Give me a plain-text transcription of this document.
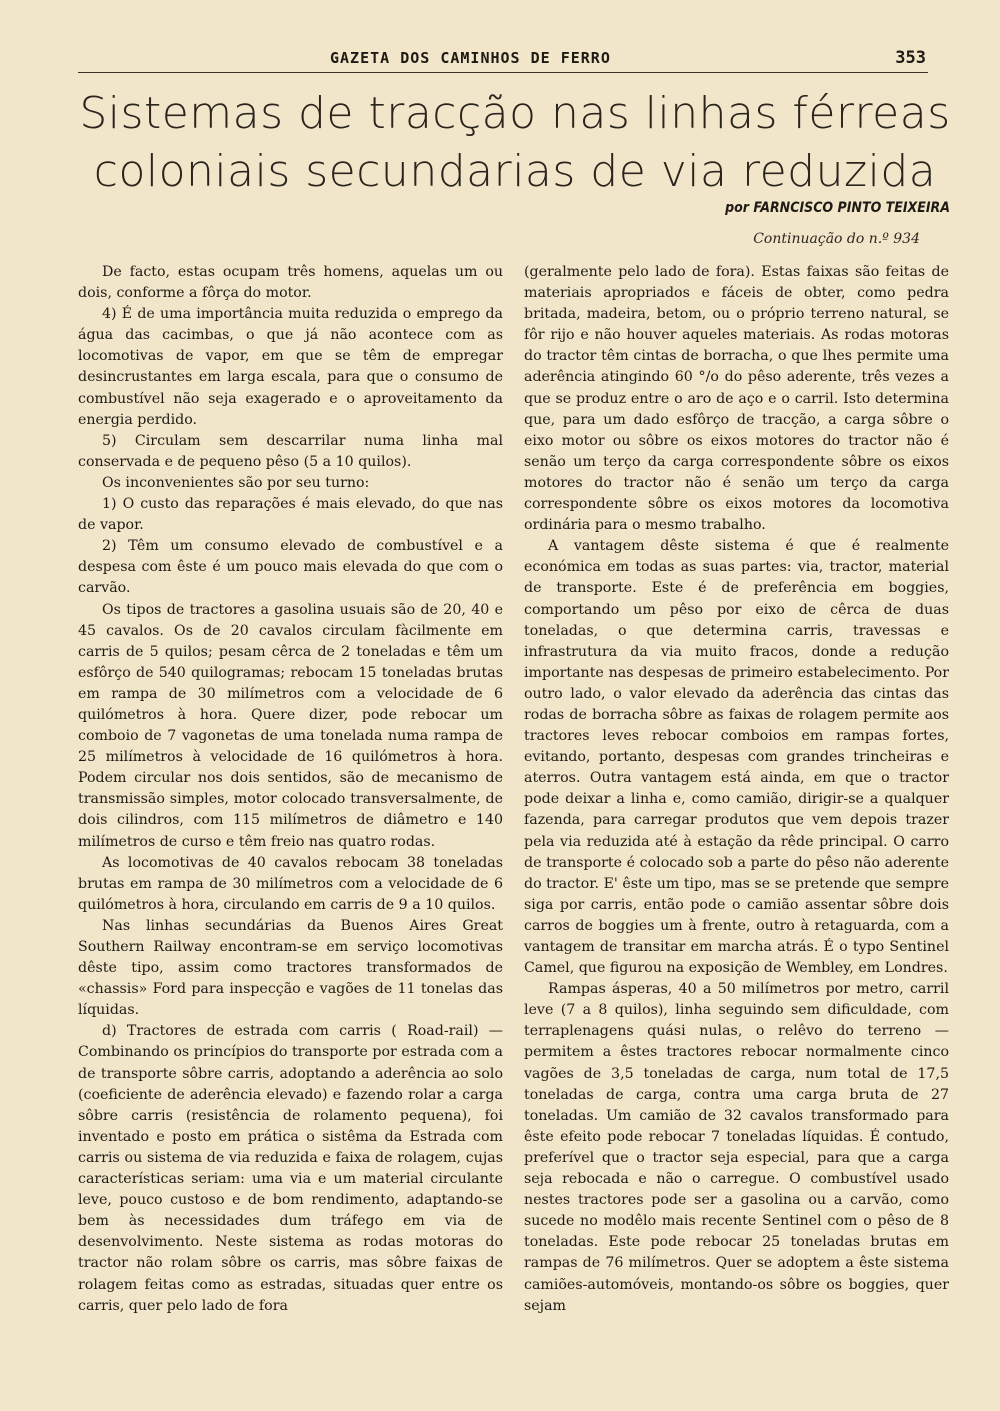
GAZETA DOS CAMINHOS DE FERRO	353
Sistemas de tracção nas linhas férreas
coloniais secundarias de via reduzida
por FARNCISCO PINTO TEIXEIRA
Continuação do n.º 934

De facto, estas ocupam três homens, aquelas um ou dois, conforme a fôrça do motor.

4) É de uma importância muita reduzida o emprego da água das cacimbas, o que já não acontece com as locomotivas de vapor, em que se têm de empregar desincrustantes em larga escala, para que o consumo de combustível não seja exagerado e o aproveitamento da energia perdido.

5) Circulam sem descarrilar numa linha mal conservada e de pequeno pêso (5 a 10 quilos).

Os inconvenientes são por seu turno:

1) O custo das reparações é mais elevado, do que nas de vapor.

2) Têm um consumo elevado de combustível e a despesa com êste é um pouco mais elevada do que com o carvão.

Os tipos de tractores a gasolina usuais são de 20, 40 e 45 cavalos. Os de 20 cavalos circulam fàcilmente em carris de 5 quilos; pesam cêrca de 2 toneladas e têm um esfôrço de 540 quilogramas; rebocam 15 toneladas brutas em rampa de 30 milímetros com a velocidade de 6 quilómetros à hora. Quere dizer, pode rebocar um comboio de 7 vagonetas de uma tonelada numa rampa de 25 milímetros à velocidade de 16 quilómetros à hora. Podem circular nos dois sentidos, são de mecanismo de transmissão simples, motor colocado transversalmente, de dois cilindros, com 115 milímetros de diâmetro e 140 milímetros de curso e têm freio nas quatro rodas.

As locomotivas de 40 cavalos rebocam 38 toneladas brutas em rampa de 30 milímetros com a velocidade de 6 quilómetros à hora, circulando em carris de 9 a 10 quilos.

Nas linhas secundárias da Buenos Aires Great Southern Railway encontram-se em serviço locomotivas dêste tipo, assim como tractores transformados de «chassis» Ford para inspecção e vagões de 11 tonelas das líquidas.

d) Tractores de estrada com carris ( Road-rail) — Combinando os princípios do transporte por estrada com a de transporte sôbre carris, adoptando a aderência ao solo (coeficiente de aderência elevado) e fazendo rolar a carga sôbre carris (resistência de rolamento pequena), foi inventado e posto em prática o sistêma da Estrada com carris ou sistema de via reduzida e faixa de rolagem, cujas características seriam: uma via e um material circulante leve, pouco custoso e de bom rendimento, adaptando-se bem às necessidades dum tráfego em via de desenvolvimento. Neste sistema as rodas motoras do tractor não rolam sôbre os carris, mas sôbre faixas de rolagem feitas como as estradas, situadas quer entre os carris, quer pelo lado de fora

(geralmente pelo lado de fora). Estas faixas são feitas de materiais apropriados e fáceis de obter, como pedra britada, madeira, betom, ou o próprio terreno natural, se fôr rijo e não houver aqueles materiais. As rodas motoras do tractor têm cintas de borracha, o que lhes permite uma aderência atingindo 60 °/o do pêso aderente, três vezes a que se produz entre o aro de aço e o carril. Isto determina que, para um dado esfôrço de tracção, a carga sôbre o eixo motor ou sôbre os eixos motores do tractor não é senão um terço da carga correspondente sôbre os eixos motores do tractor não é senão um terço da carga correspondente sôbre os eixos motores da locomotiva ordinária para o mesmo trabalho.

A vantagem dêste sistema é que é realmente económica em todas as suas partes: via, tractor, material de transporte. Este é de preferência em boggies, comportando um pêso por eixo de cêrca de duas toneladas, o que determina carris, travessas e infrastrutura da via muito fracos, donde a redução importante nas despesas de primeiro estabelecimento. Por outro lado, o valor elevado da aderência das cintas das rodas de borracha sôbre as faixas de rolagem permite aos tractores leves rebocar comboios em rampas fortes, evitando, portanto, despesas com grandes trincheiras e aterros. Outra vantagem está ainda, em que o tractor pode deixar a linha e, como camião, dirigir-se a qualquer fazenda, para carregar produtos que vem depois trazer pela via reduzida até à estação da rêde principal. O carro de transporte é colocado sob a parte do pêso não aderente do tractor. E' êste um tipo, mas se se pretende que sempre siga por carris, então pode o camião assentar sôbre dois carros de boggies um à frente, outro à retaguarda, com a vantagem de transitar em marcha atrás. É o typo Sentinel Camel, que figurou na exposição de Wembley, em Londres.

Rampas ásperas, 40 a 50 milímetros por metro, carril leve (7 a 8 quilos), linha seguindo sem dificuldade, com terraplenagens quási nulas, o relêvo do terreno — permitem a êstes tractores rebocar normalmente cinco vagões de 3,5 toneladas de carga, num total de 17,5 toneladas de carga, contra uma carga bruta de 27 toneladas. Um camião de 32 cavalos transformado para êste efeito pode rebocar 7 toneladas líquidas. É contudo, preferível que o tractor seja especial, para que a carga seja rebocada e não o carregue. O combustível usado nestes tractores pode ser a gasolina ou a carvão, como sucede no modêlo mais recente Sentinel com o pêso de 8 toneladas. Este pode rebocar 25 toneladas brutas em rampas de 76 milímetros. Quer se adoptem a êste sistema camiões-automóveis, montando-os sôbre os boggies, quer sejam
